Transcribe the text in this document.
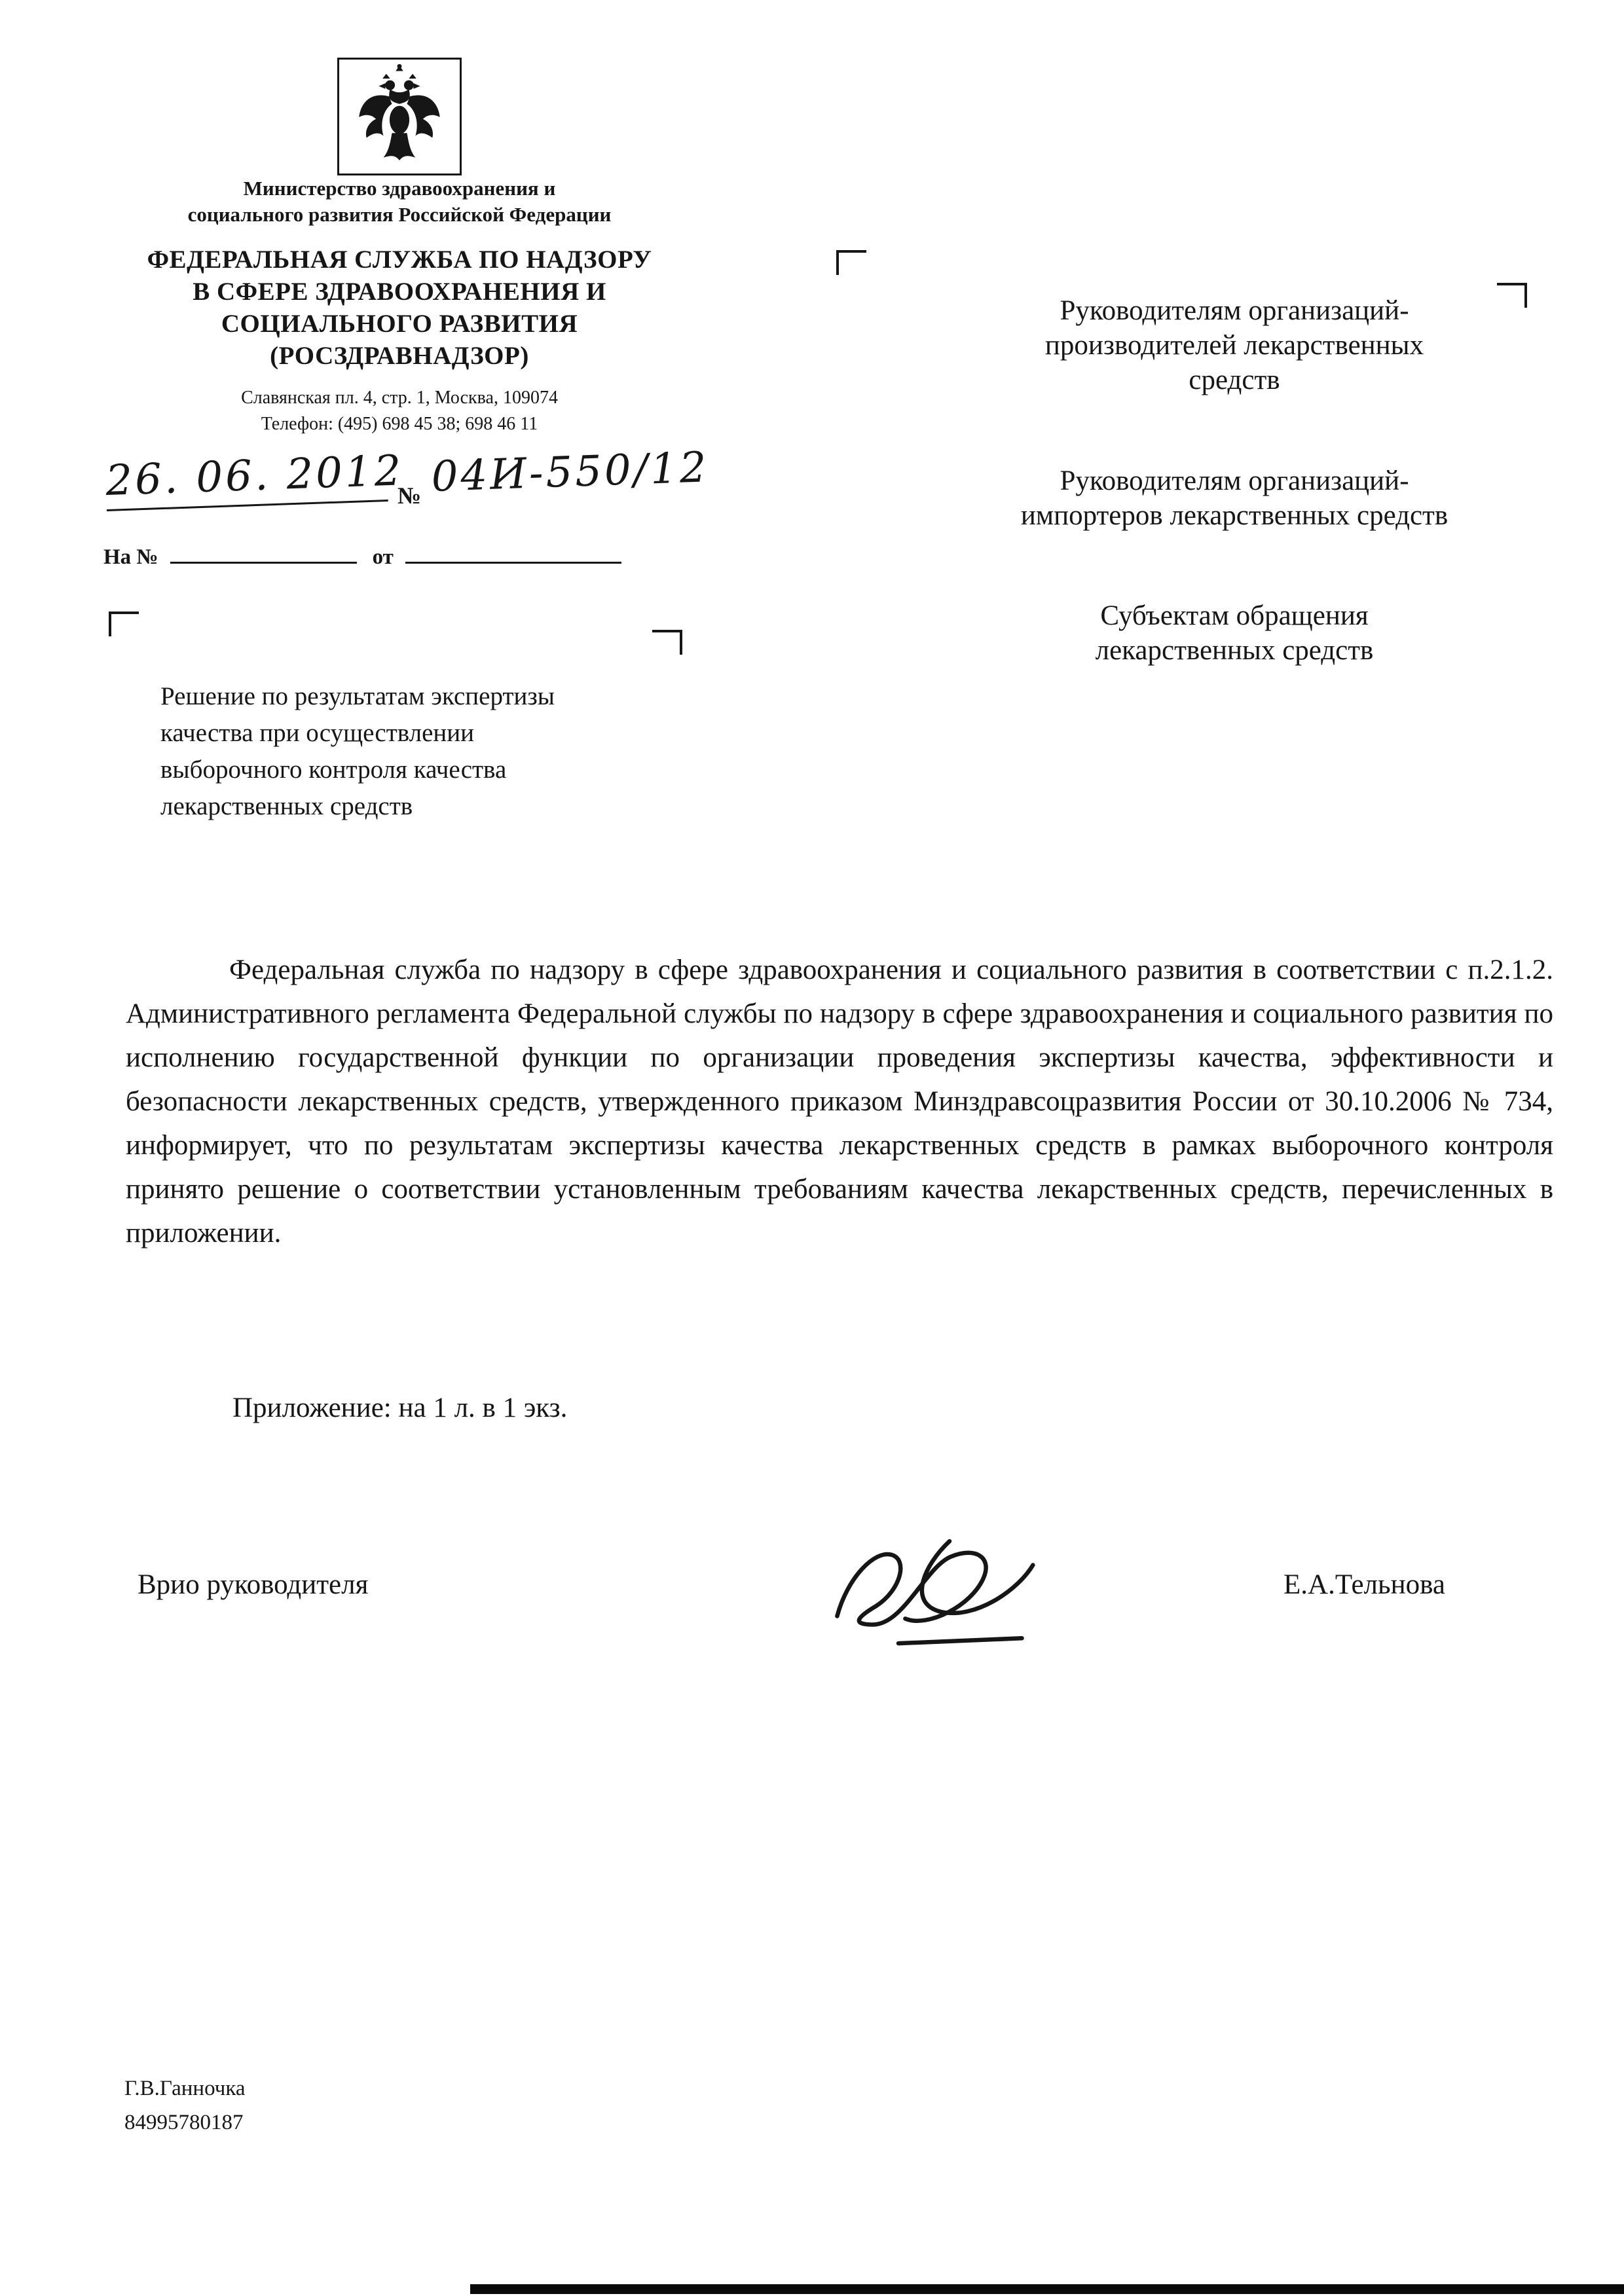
Министерство здравоохранения и
социального развития Российской Федерации
ФЕДЕРАЛЬНАЯ СЛУЖБА ПО НАДЗОРУ
В СФЕРЕ ЗДРАВООХРАНЕНИЯ И
СОЦИАЛЬНОГО РАЗВИТИЯ
(РОСЗДРАВНАДЗОР)
Славянская пл. 4, стр. 1, Москва, 109074
Телефон: (495) 698 45 38; 698 46 11
26. 06. 2012
№ 04И-550/12
На №	от
Руководителям организаций-
производителей лекарственных
средств
Руководителям организаций-
импортеров лекарственных средств
Субъектам обращения
лекарственных средств
Решение по результатам экспертизы
качества при осуществлении
выборочного контроля качества
лекарственных средств
Федеральная служба по надзору в сфере здравоохранения и социального развития в соответствии с п.2.1.2. Административного регламента Федеральной службы по надзору в сфере здравоохранения и социального развития по исполнению государственной функции по организации проведения экспертизы качества, эффективности и безопасности лекарственных средств, утвержденного приказом Минздравсоцразвития России от 30.10.2006 № 734, информирует, что по результатам экспертизы качества лекарственных средств в рамках выборочного контроля принято решение о соответствии установленным требованиям качества лекарственных средств, перечисленных в приложении.
Приложение: на 1 л. в 1 экз.
Врио руководителя	Е.А.Тельнова
Г.В.Ганночка
84995780187
